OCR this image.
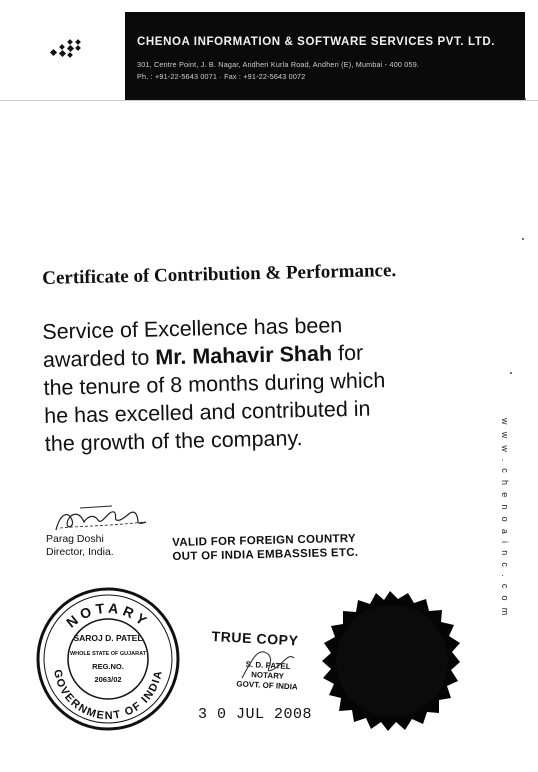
CHENOA INFORMATION & SOFTWARE SERVICES PVT. LTD.
301, Centre Point, J. B. Nagar, Andheri Kurla Road, Andheri (E), Mumbai - 400 059.
Ph. : +91-22-5643 0071 · Fax : +91-22-5643 0072
Certificate of Contribution & Performance.
Service of Excellence has been
awarded to Mr. Mahavir Shah for
the tenure of 8 months during which
he has excelled and contributed in
the growth of the company.
Parag Doshi
Director, India.
VALID FOR FOREIGN COUNTRY
OUT OF INDIA EMBASSIES ETC.
NOTARY
GOVERNMENT OF INDIA
SAROJ D. PATEL
WHOLE STATE OF GUJARAT
REG.NO.
2063/02
TRUE COPY
S. D. PATEL
NOTARY
GOVT. OF INDIA
3 0 JUL 2008
www.chenoainc.com
